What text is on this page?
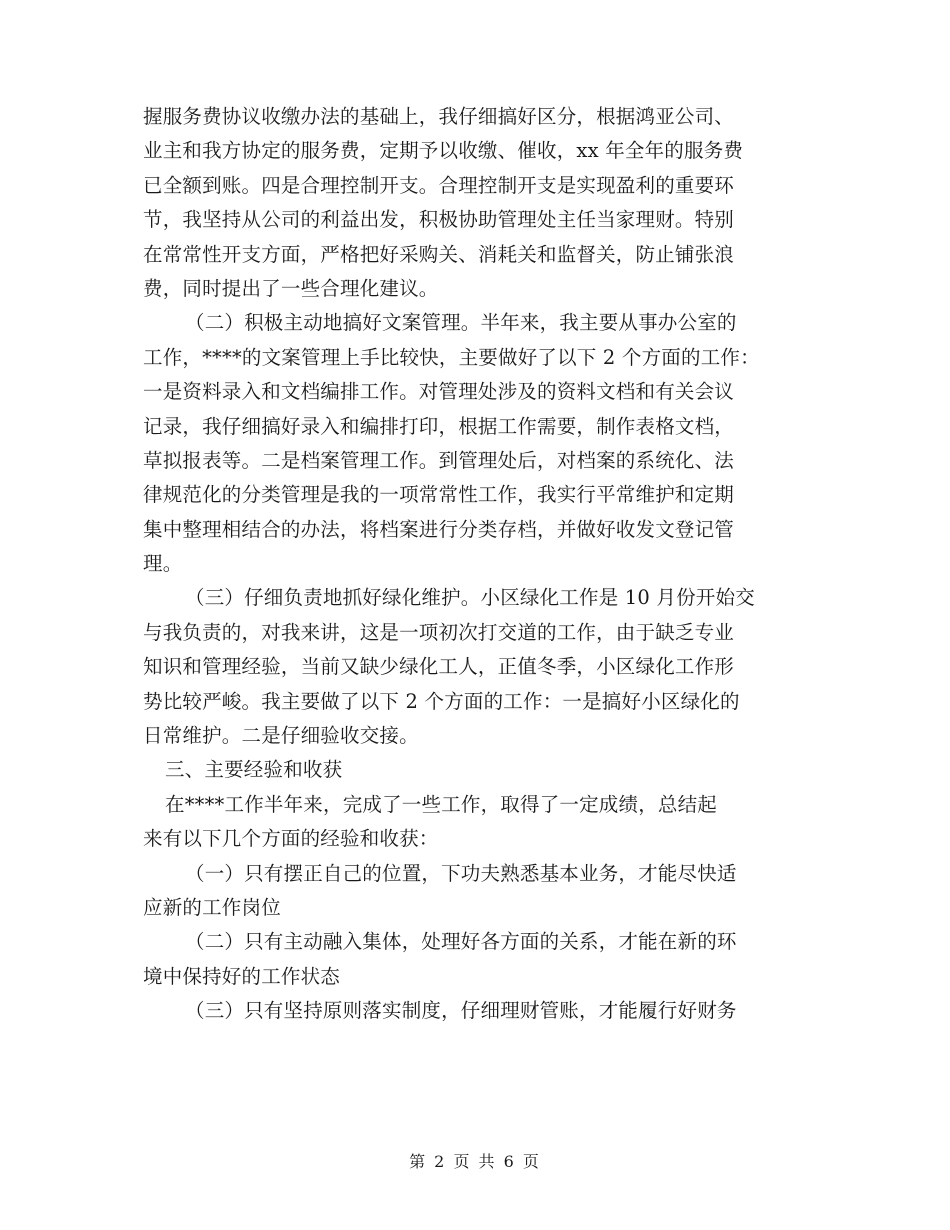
握服务费协议收缴办法的基础上，我仔细搞好区分，根据鸿亚公司、
业主和我方协定的服务费，定期予以收缴、催收，xx 年全年的服务费
已全额到账。四是合理控制开支。合理控制开支是实现盈利的重要环
节，我坚持从公司的利益出发，积极协助管理处主任当家理财。特别
在常常性开支方面，严格把好采购关、消耗关和监督关，防止铺张浪
费，同时提出了一些合理化建议。
（二）积极主动地搞好文案管理。半年来，我主要从事办公室的
工作，****的文案管理上手比较快，主要做好了以下 2 个方面的工作：
一是资料录入和文档编排工作。对管理处涉及的资料文档和有关会议
记录，我仔细搞好录入和编排打印，根据工作需要，制作表格文档，
草拟报表等。二是档案管理工作。到管理处后，对档案的系统化、法
律规范化的分类管理是我的一项常常性工作，我实行平常维护和定期
集中整理相结合的办法，将档案进行分类存档，并做好收发文登记管
理。
（三）仔细负责地抓好绿化维护。小区绿化工作是 10 月份开始交
与我负责的，对我来讲，这是一项初次打交道的工作，由于缺乏专业
知识和管理经验，当前又缺少绿化工人，正值冬季，小区绿化工作形
势比较严峻。我主要做了以下 2 个方面的工作：一是搞好小区绿化的
日常维护。二是仔细验收交接。
三、主要经验和收获
在****工作半年来，完成了一些工作，取得了一定成绩，总结起
来有以下几个方面的经验和收获：
（一）只有摆正自己的位置，下功夫熟悉基本业务，才能尽快适
应新的工作岗位
（二）只有主动融入集体，处理好各方面的关系，才能在新的环
境中保持好的工作状态
（三）只有坚持原则落实制度，仔细理财管账，才能履行好财务
第 2 页 共 6 页
